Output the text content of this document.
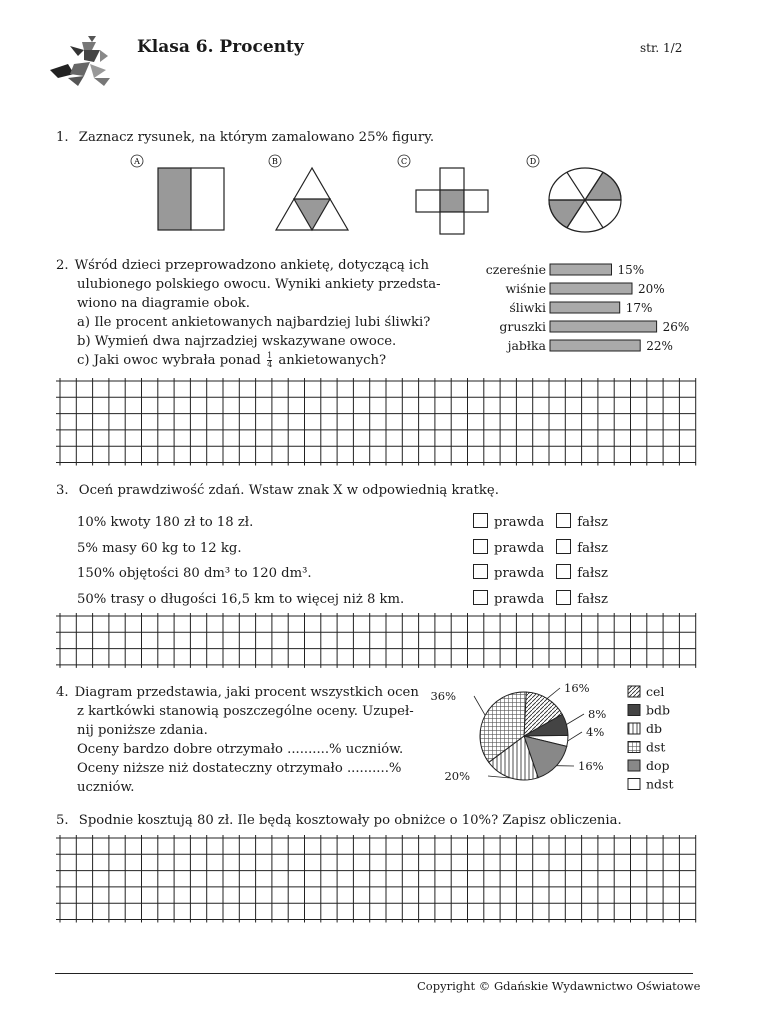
Klasa 6. Procenty	str. 1/2
1. Zaznacz rysunek, na którym zamalowano 25% figury.
A	B	C	D
2. Wśród dzieci przeprowadzono ankietę, dotyczącą ich
ulubionego polskiego owocu. Wyniki ankiety przedsta-
wiono na diagramie obok.
a) Ile procent ankietowanych najbardziej lubi śliwki?
b) Wymień dwa najrzadziej wskazywane owoce.
c) Jaki owoc wybrała ponad $\frac{1}{4}$ ankietowanych?
czereśnie	15%
wiśnie	20%
śliwki	17%
gruszki	26%
jabłka	22%
3. Oceń prawdziwość zdań. Wstaw znak X w odpowiednią kratkę.
10% kwoty 180 zł to 18 zł.	prawda	fałsz
5% masy 60 kg to 12 kg.	prawda	fałsz
150% objętości 80 dm³ to 120 dm³.	prawda	fałsz
50% trasy o długości 16,5 km to więcej niż 8 km.	prawda	fałsz
4. Diagram przedstawia, jaki procent wszystkich ocen
z kartkówki stanowią poszczególne oceny. Uzupeł-
nij poniższe zdania.
Oceny bardzo dobre otrzymało ..........% uczniów.
Oceny niższe niż dostateczny otrzymało ..........%
uczniów.
16%
8%
4%
16%
20%
36%	cel
bdb
db
dst
dop
ndst
5. Spodnie kosztują 80 zł. Ile będą kosztowały po obniżce o 10%? Zapisz obliczenia.
Copyright © Gdańskie Wydawnictwo Oświatowe
